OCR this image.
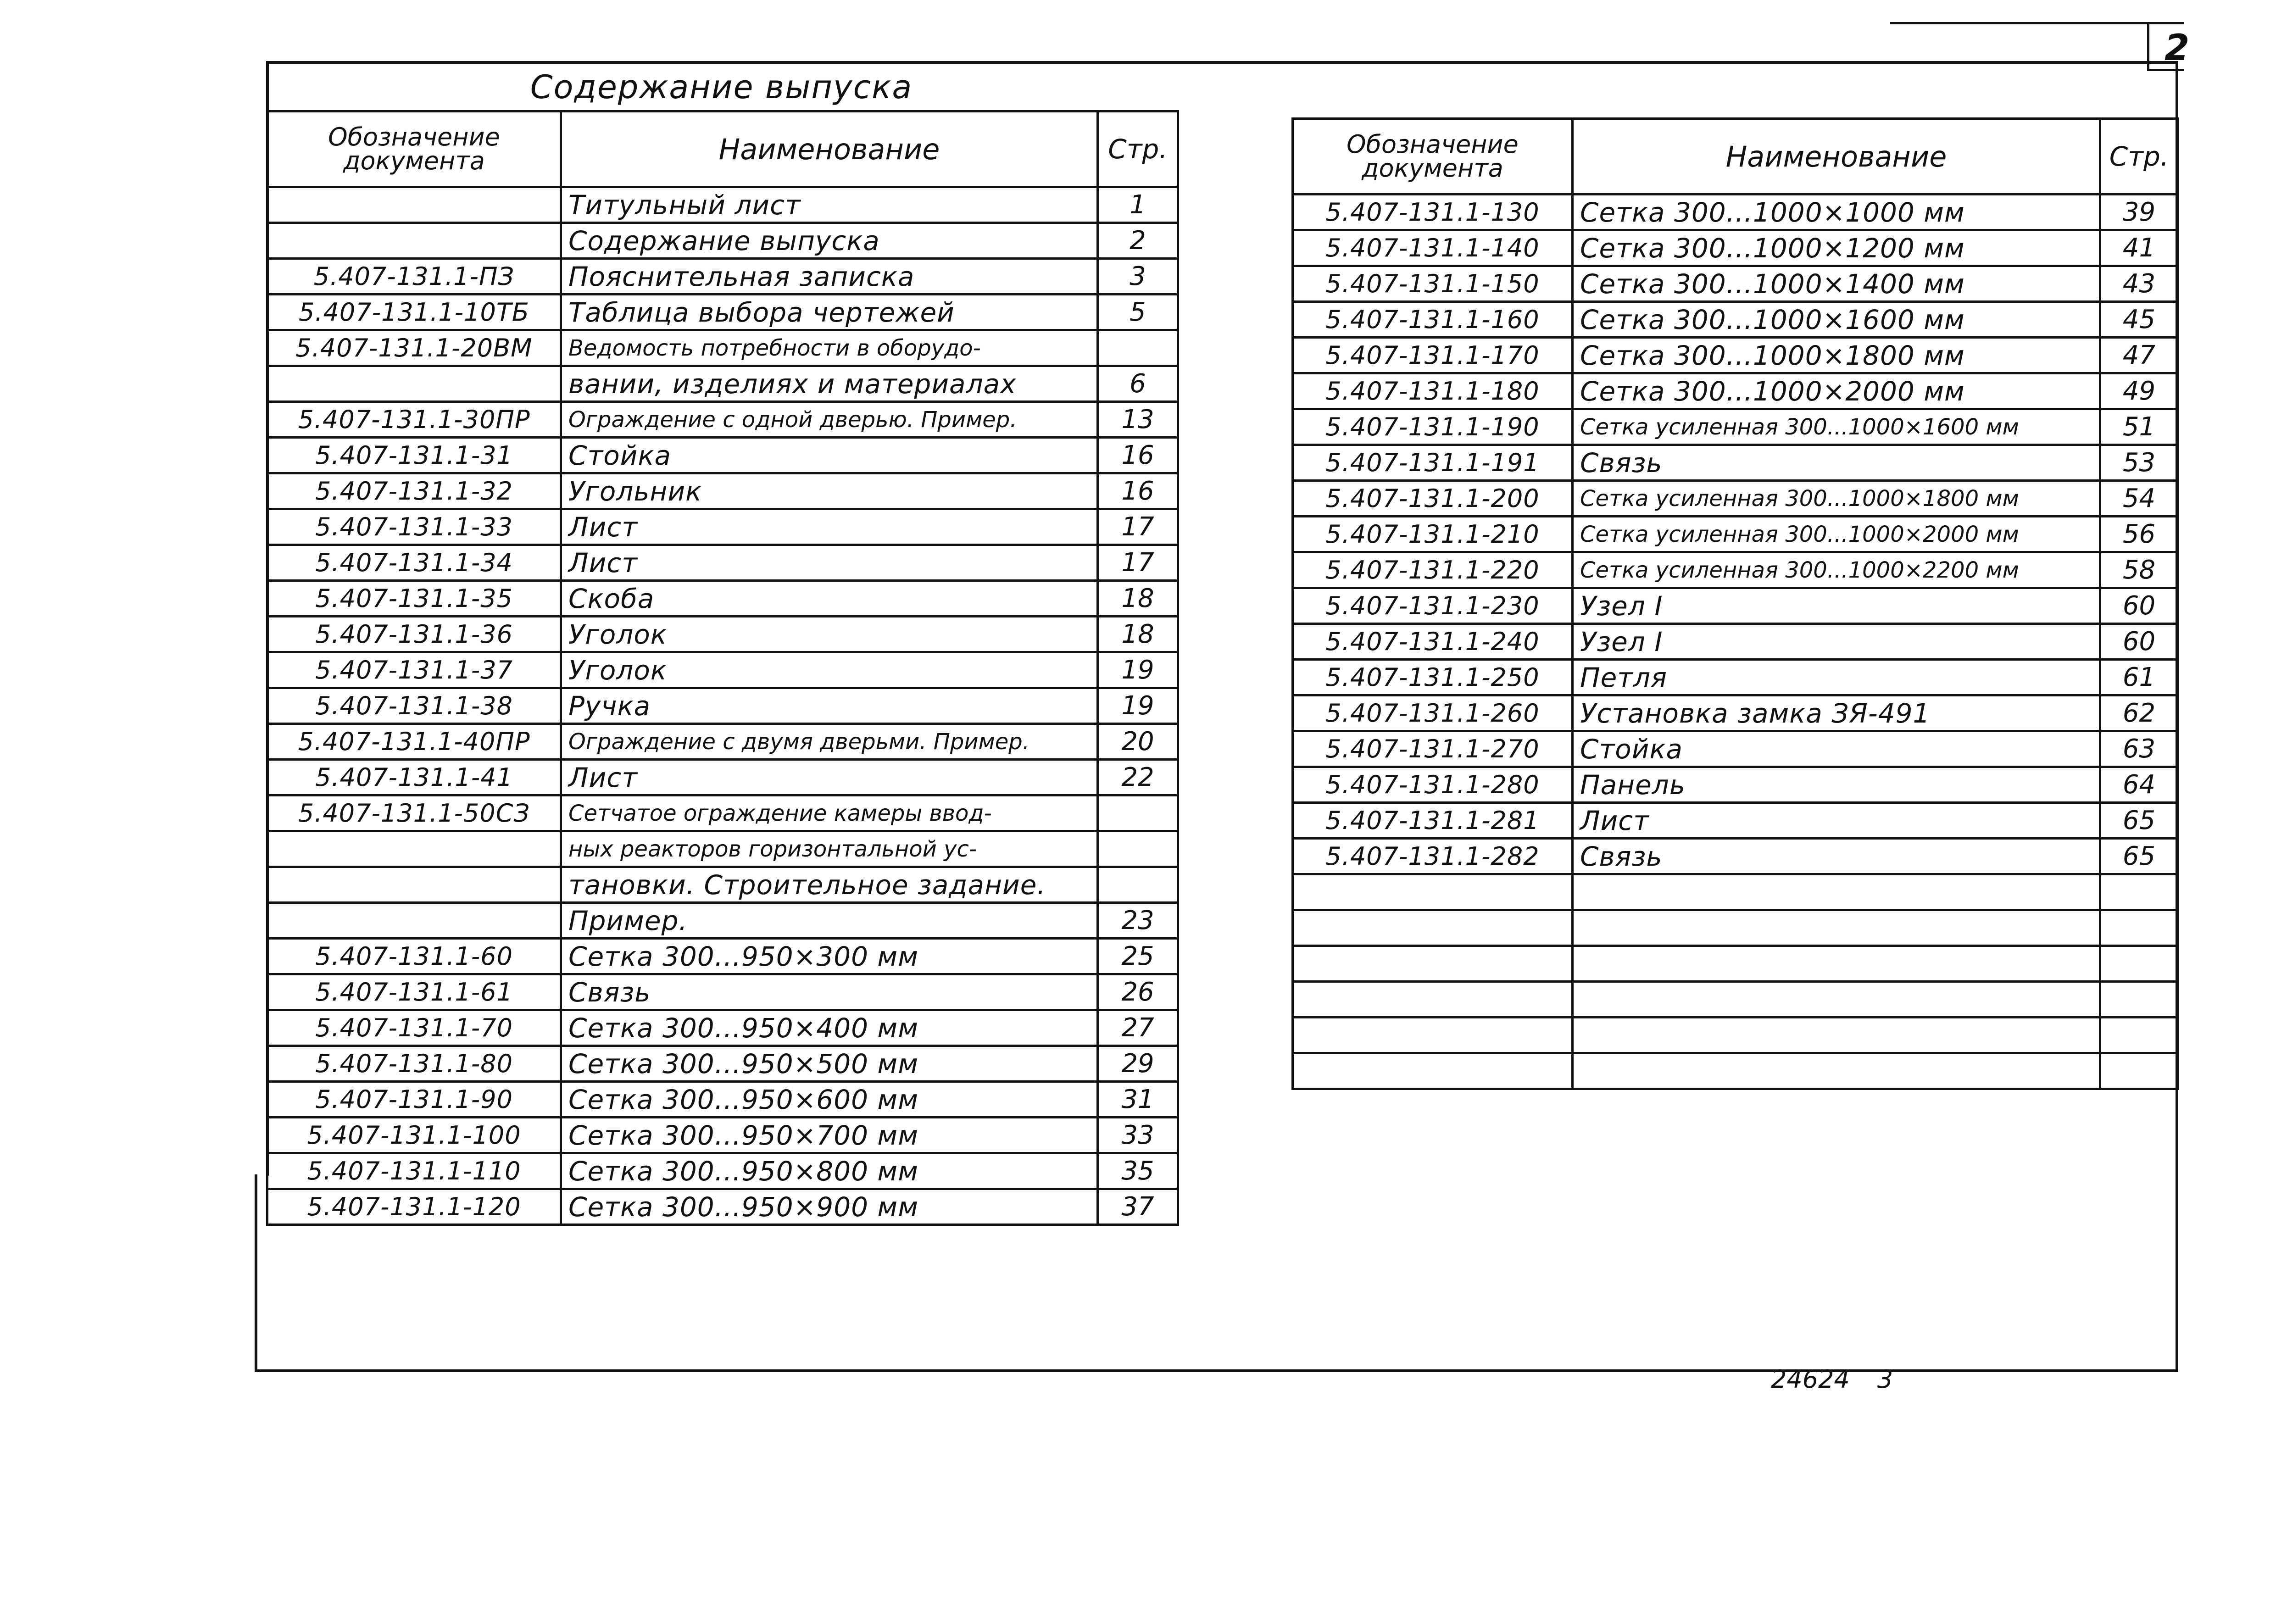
2
Содержание выпуска
Обозначение документа	Наименование	Стр.
	Титульный лист	1
	Содержание выпуска	2
5.407-131.1-ПЗ	Пояснительная записка	3
5.407-131.1-10ТБ	Таблица выбора чертежей	5
5.407-131.1-20ВМ	Ведомость потребности в оборудо-	
	вании, изделиях и материалах	6
5.407-131.1-30ПР	Ограждение с одной дверью. Пример.	13
5.407-131.1-31	Стойка	16
5.407-131.1-32	Угольник	16
5.407-131.1-33	Лист	17
5.407-131.1-34	Лист	17
5.407-131.1-35	Скоба	18
5.407-131.1-36	Уголок	18
5.407-131.1-37	Уголок	19
5.407-131.1-38	Ручка	19
5.407-131.1-40ПР	Ограждение с двумя дверьми. Пример.	20
5.407-131.1-41	Лист	22
5.407-131.1-50СЗ	Сетчатое ограждение камеры ввод-	
	ных реакторов горизонтальной ус-	
	тановки. Строительное задание.	
	Пример.	23
5.407-131.1-60	Сетка 300...950×300 мм	25
5.407-131.1-61	Связь	26
5.407-131.1-70	Сетка 300...950×400 мм	27
5.407-131.1-80	Сетка 300...950×500 мм	29
5.407-131.1-90	Сетка 300...950×600 мм	31
5.407-131.1-100	Сетка 300...950×700 мм	33
5.407-131.1-110	Сетка 300...950×800 мм	35
5.407-131.1-120	Сетка 300...950×900 мм	37
Обозначение документа	Наименование	Стр.
5.407-131.1-130	Сетка 300...1000×1000 мм	39
5.407-131.1-140	Сетка 300...1000×1200 мм	41
5.407-131.1-150	Сетка 300...1000×1400 мм	43
5.407-131.1-160	Сетка 300...1000×1600 мм	45
5.407-131.1-170	Сетка 300...1000×1800 мм	47
5.407-131.1-180	Сетка 300...1000×2000 мм	49
5.407-131.1-190	Сетка усиленная 300...1000×1600 мм	51
5.407-131.1-191	Связь	53
5.407-131.1-200	Сетка усиленная 300...1000×1800 мм	54
5.407-131.1-210	Сетка усиленная 300...1000×2000 мм	56
5.407-131.1-220	Сетка усиленная 300...1000×2200 мм	58
5.407-131.1-230	Узел I	60
5.407-131.1-240	Узел I	60
5.407-131.1-250	Петля	61
5.407-131.1-260	Установка замка ЗЯ-491	62
5.407-131.1-270	Стойка	63
5.407-131.1-280	Панель	64
5.407-131.1-281	Лист	65
5.407-131.1-282	Связь	65

24624 3
